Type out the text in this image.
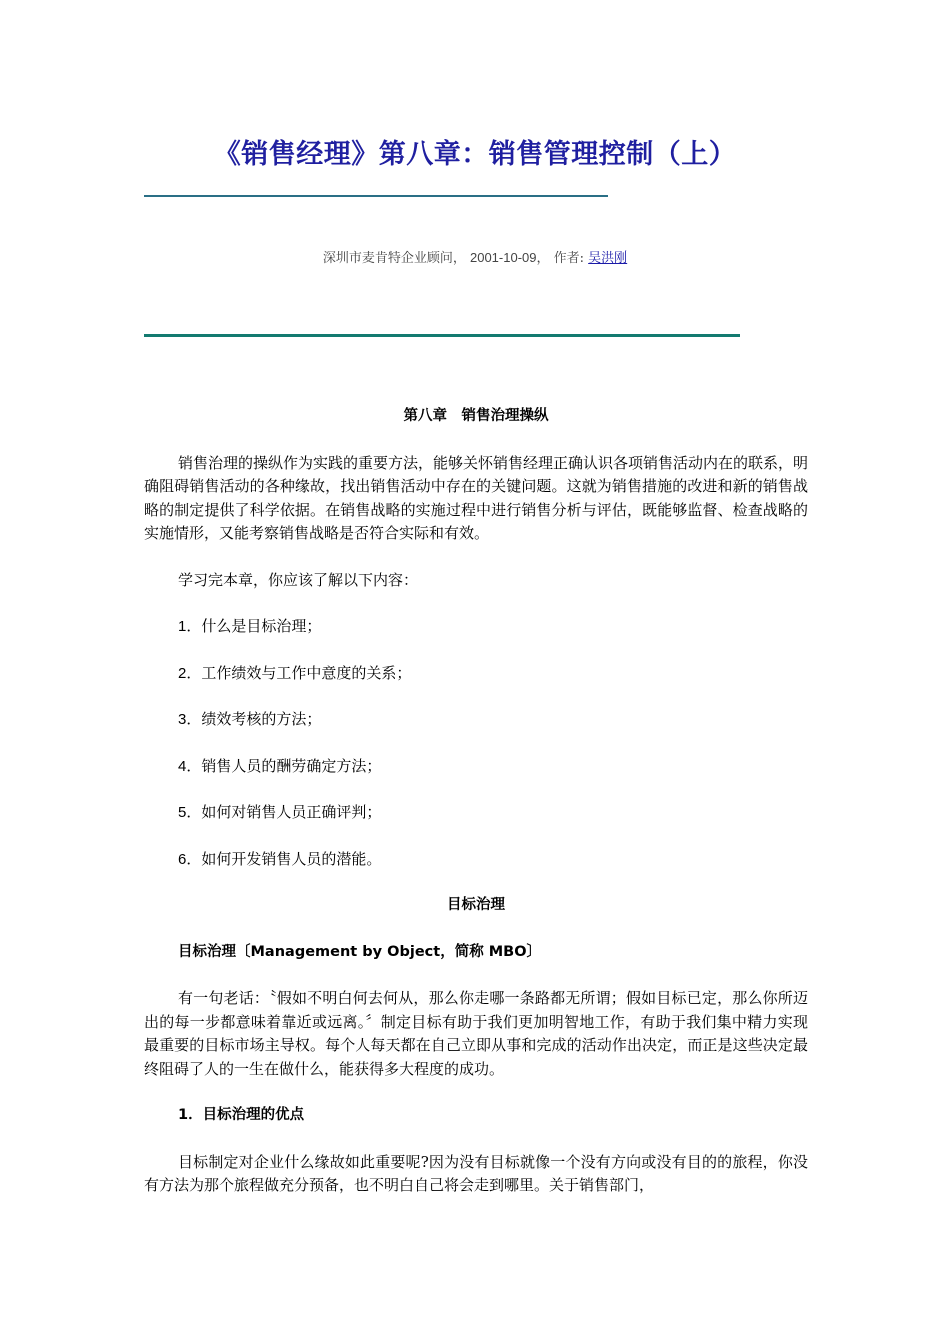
《销售经理》第八章：销售管理控制（上）
深圳市麦肯特企业顾问， 2001-10-09， 作者: 吴洪刚
第八章　销售治理操纵
销售治理的操纵作为实践的重要方法，能够关怀销售经理正确认识各项销售活动内在的联系，明确阻碍销售活动的各种缘故，找出销售活动中存在的关键问题。这就为销售措施的改进和新的销售战略的制定提供了科学依据。在销售战略的实施过程中进行销售分析与评估，既能够监督、检查战略的实施情形，又能考察销售战略是否符合实际和有效。
学习完本章，你应该了解以下内容：
1．什么是目标治理；
2．工作绩效与工作中意度的关系；
3．绩效考核的方法；
4．销售人员的酬劳确定方法；
5．如何对销售人员正确评判；
6．如何开发销售人员的潜能。
目标治理
目标治理〔Management by Object，简称 MBO〕
有一句老话：〝假如不明白何去何从，那么你走哪一条路都无所谓；假如目标已定，那么你所迈出的每一步都意味着靠近或远离。〞制定目标有助于我们更加明智地工作，有助于我们集中精力实现最重要的目标市场主导权。每个人每天都在自己立即从事和完成的活动作出决定，而正是这些决定最终阻碍了人的一生在做什么，能获得多大程度的成功。
1．目标治理的优点
目标制定对企业什么缘故如此重要呢?因为没有目标就像一个没有方向或没有目的的旅程，你没有方法为那个旅程做充分预备，也不明白自己将会走到哪里。关于销售部门，
